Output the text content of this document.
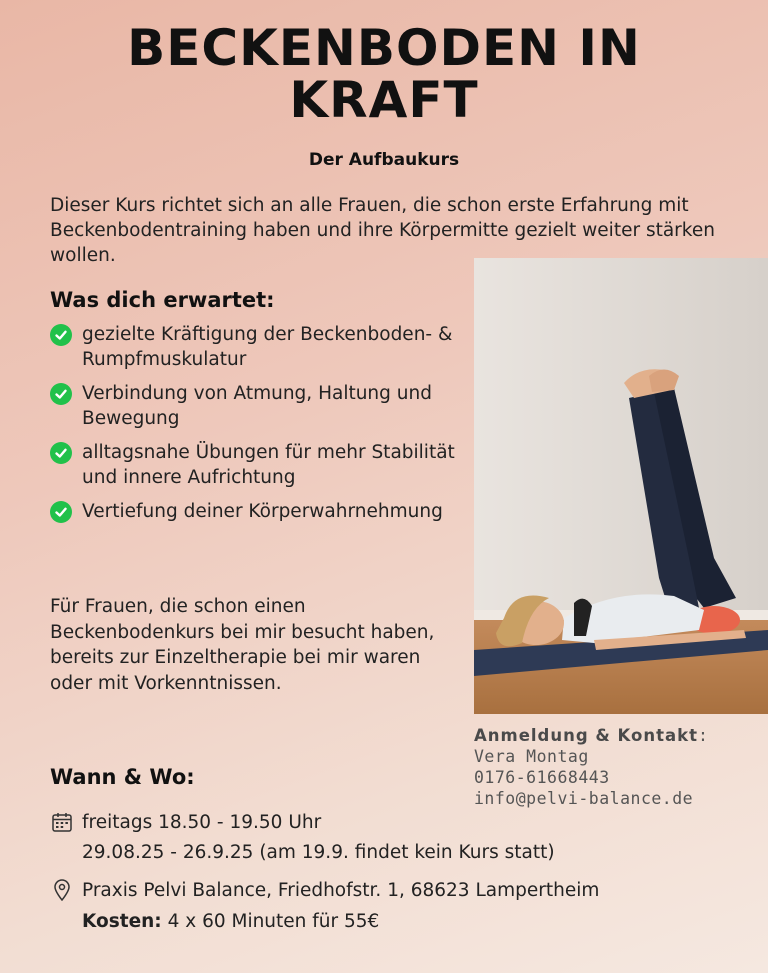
BECKENBODEN IN
KRAFT
Der Aufbaukurs
Dieser Kurs richtet sich an alle Frauen, die schon erste Erfahrung mit Beckenbodentraining haben und ihre Körpermitte gezielt weiter stärken wollen.
Was dich erwartet:
gezielte Kräftigung der Beckenboden- & Rumpfmuskulatur
Verbindung von Atmung, Haltung und Bewegung
alltagsnahe Übungen für mehr Stabilität und innere Aufrichtung
Vertiefung deiner Körperwahrnehmung
Für Frauen, die schon einen Beckenbodenkurs bei mir besucht haben, bereits zur Einzeltherapie bei mir waren oder mit Vorkenntnissen.
Anmeldung & Kontakt:
Vera Montag
0176-61668443
info@pelvi-balance.de
Wann & Wo:
freitags 18.50 - 19.50 Uhr
29.08.25 - 26.9.25 (am 19.9. findet kein Kurs statt)
Praxis Pelvi Balance, Friedhofstr. 1, 68623 Lampertheim
Kosten: 4 x 60 Minuten für 55€
